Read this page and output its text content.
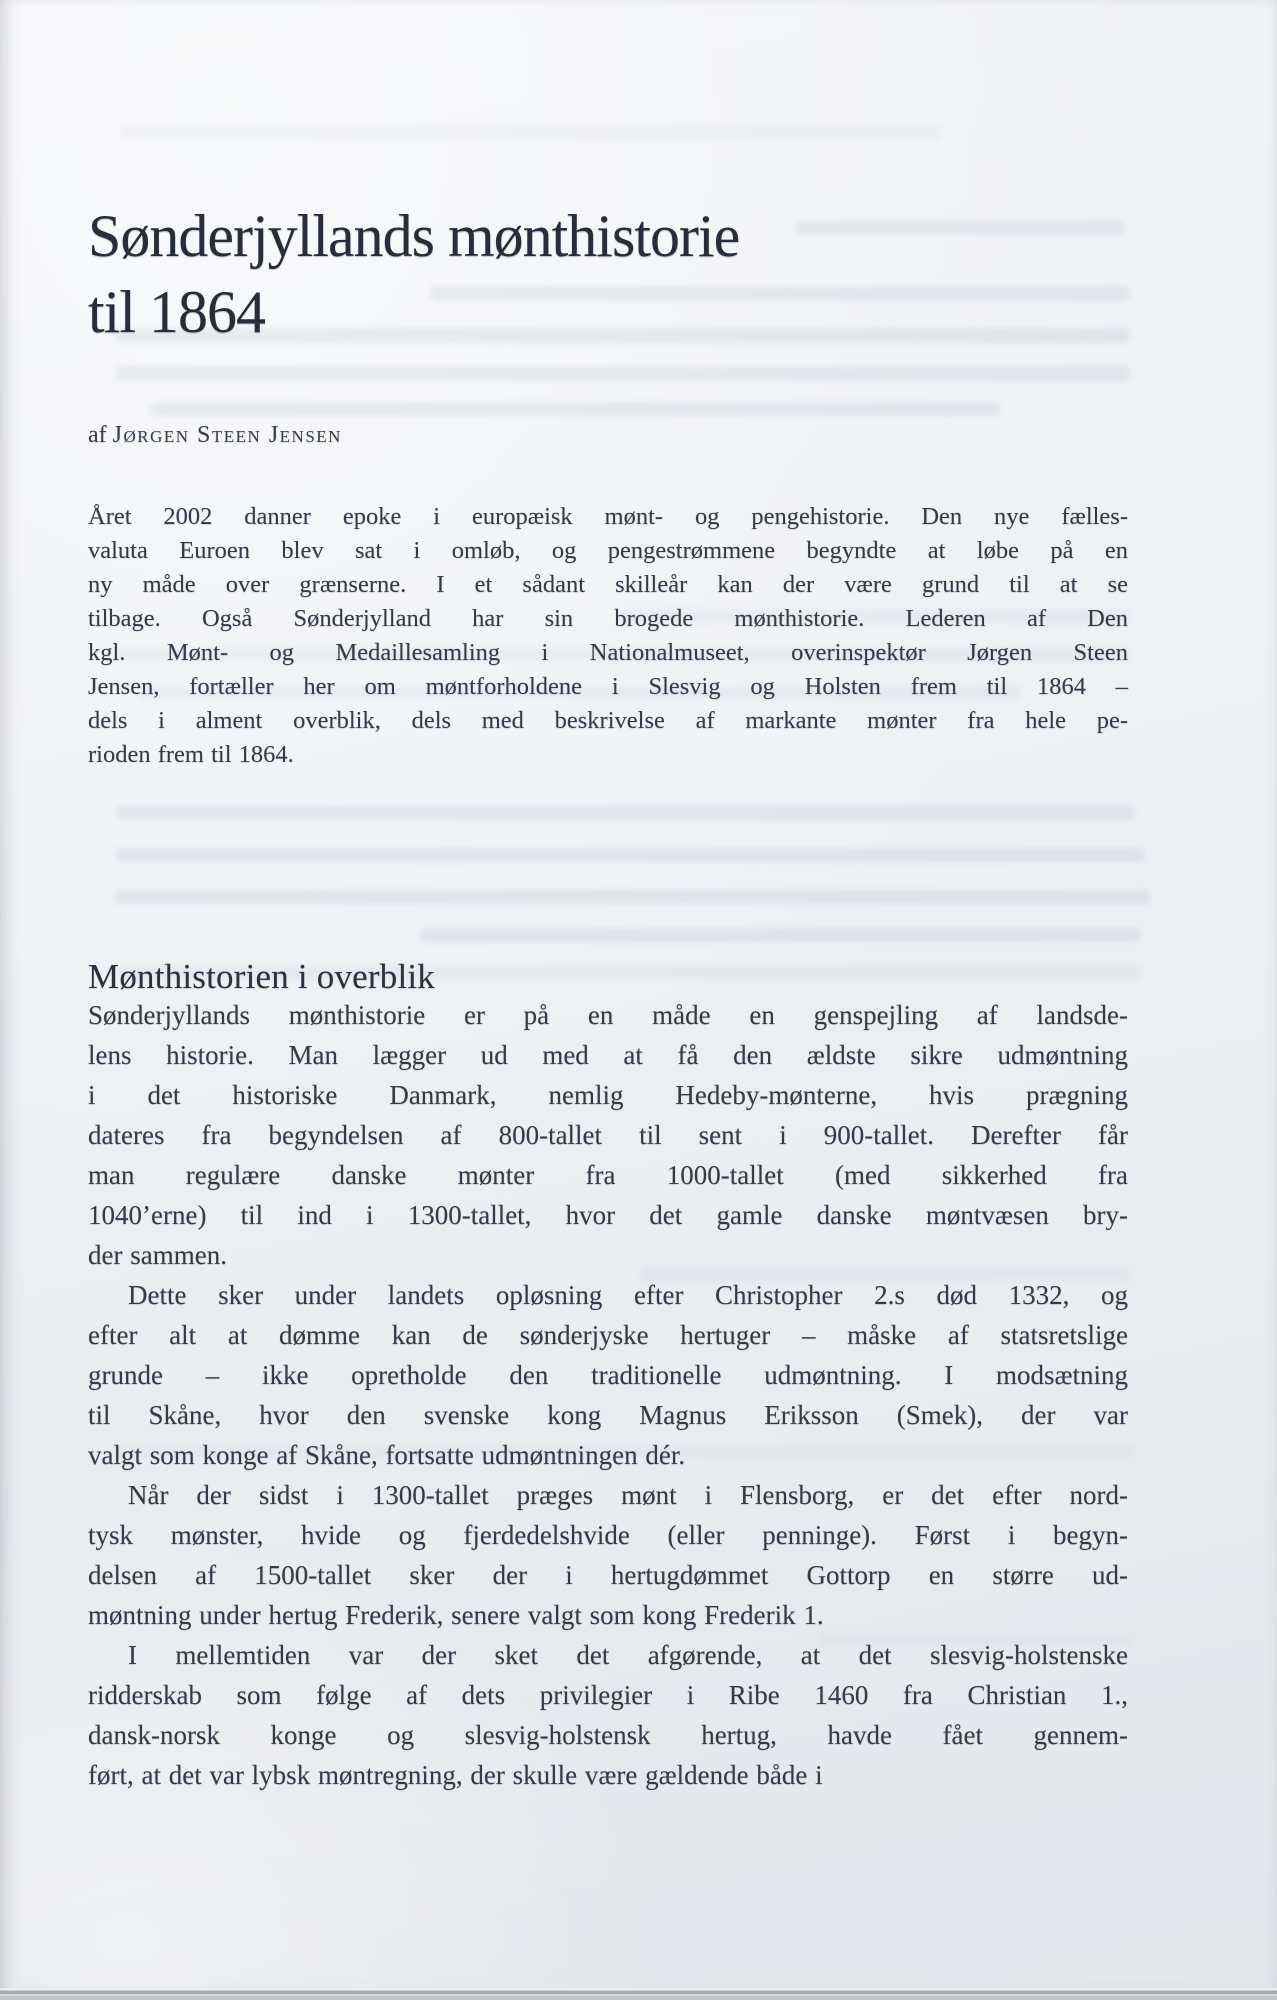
Sønderjyllands mønthistorie
til 1864
af Jørgen Steen Jensen
Året 2002 danner epoke i europæisk mønt- og pengehistorie. Den nye fælles-
valuta Euroen blev sat i omløb, og pengestrømmene begyndte at løbe på en
ny måde over grænserne. I et sådant skilleår kan der være grund til at se
tilbage. Også Sønderjylland har sin brogede mønthistorie. Lederen af Den
kgl. Mønt- og Medaillesamling i Nationalmuseet, overinspektør Jørgen Steen
Jensen, fortæller her om møntforholdene i Slesvig og Holsten frem til 1864 –
dels i alment overblik, dels med beskrivelse af markante mønter fra hele pe-
rioden frem til 1864.
Mønthistorien i overblik
Sønderjyllands mønthistorie er på en måde en genspejling af landsde-
lens historie. Man lægger ud med at få den ældste sikre udmøntning
i det historiske Danmark, nemlig Hedeby-mønterne, hvis prægning
dateres fra begyndelsen af 800-tallet til sent i 900-tallet. Derefter får
man regulære danske mønter fra 1000-tallet (med sikkerhed fra
1040’erne) til ind i 1300-tallet, hvor det gamle danske møntvæsen bry-
der sammen.
Dette sker under landets opløsning efter Christopher 2.s død 1332, og
efter alt at dømme kan de sønderjyske hertuger – måske af statsretslige
grunde – ikke opretholde den traditionelle udmøntning. I modsætning
til Skåne, hvor den svenske kong Magnus Eriksson (Smek), der var
valgt som konge af Skåne, fortsatte udmøntningen dér.
Når der sidst i 1300-tallet præges mønt i Flensborg, er det efter nord-
tysk mønster, hvide og fjerdedelshvide (eller penninge). Først i begyn-
delsen af 1500-tallet sker der i hertugdømmet Gottorp en større ud-
møntning under hertug Frederik, senere valgt som kong Frederik 1.
I mellemtiden var der sket det afgørende, at det slesvig-holstenske
ridderskab som følge af dets privilegier i Ribe 1460 fra Christian 1.,
dansk-norsk konge og slesvig-holstensk hertug, havde fået gennem-
ført, at det var lybsk møntregning, der skulle være gældende både i
